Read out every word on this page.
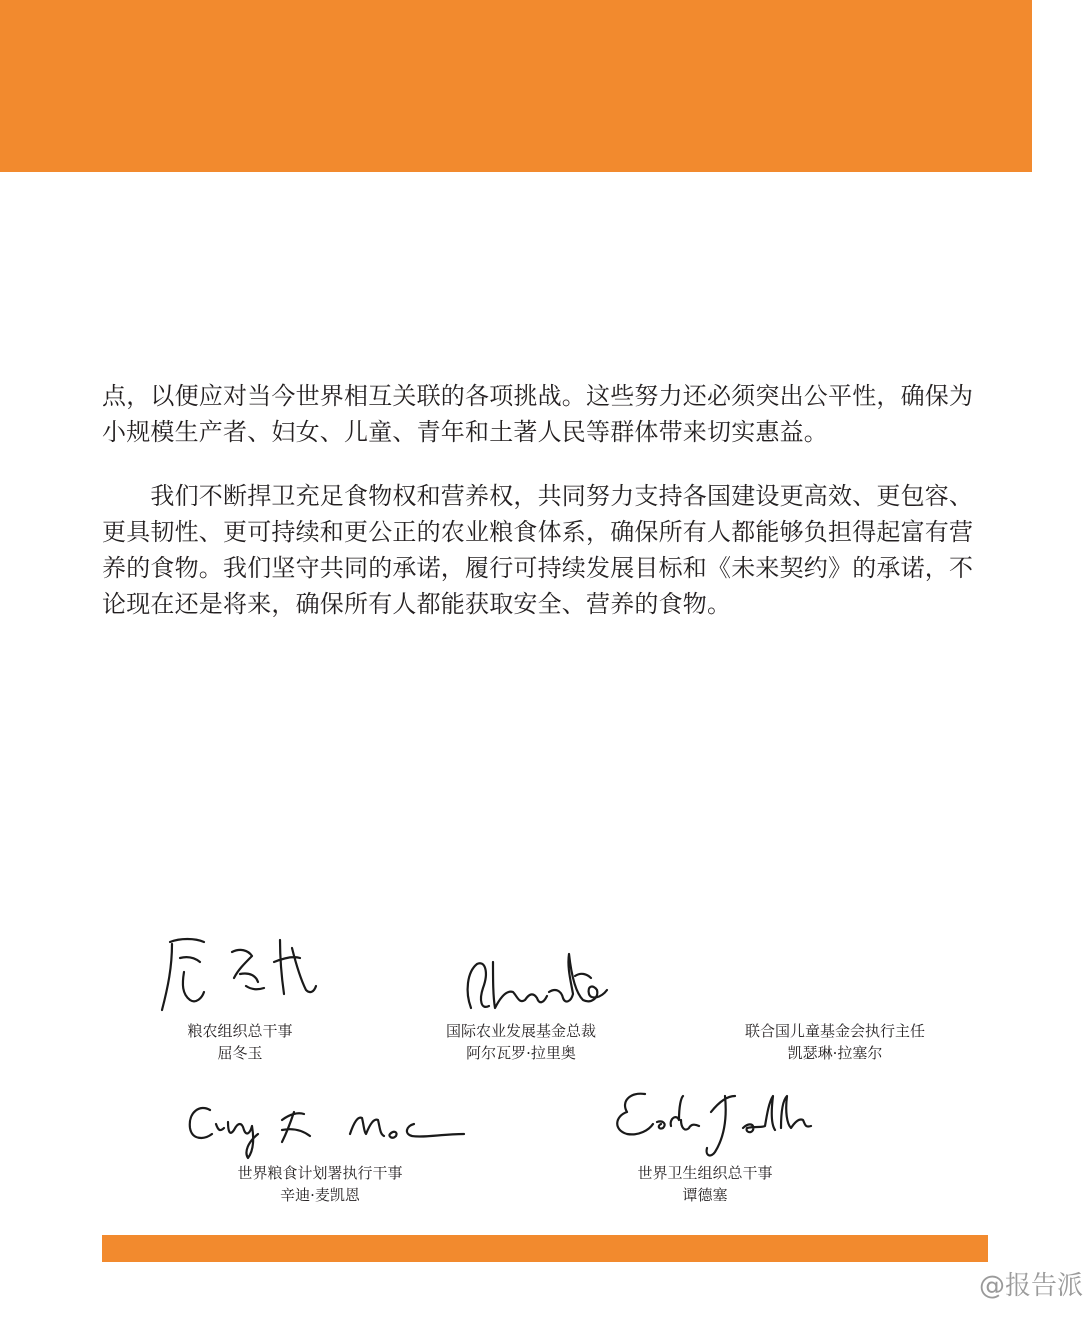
点，以便应对当今世界相互关联的各项挑战。这些努力还必须突出公平性，确保为小规模生产者、妇女、儿童、青年和土著人民等群体带来切实惠益。

　　我们不断捍卫充足食物权和营养权，共同努力支持各国建设更高效、更包容、更具韧性、更可持续和更公正的农业粮食体系，确保所有人都能够负担得起富有营养的食物。我们坚守共同的承诺，履行可持续发展目标和《未来契约》的承诺，不论现在还是将来，确保所有人都能获取安全、营养的食物。

粮农组织总干事
屈冬玉
国际农业发展基金总裁
阿尔瓦罗·拉里奥
联合国儿童基金会执行主任
凯瑟琳·拉塞尔
世界粮食计划署执行干事
辛迪·麦凯恩
世界卫生组织总干事
谭德塞
@报告派
